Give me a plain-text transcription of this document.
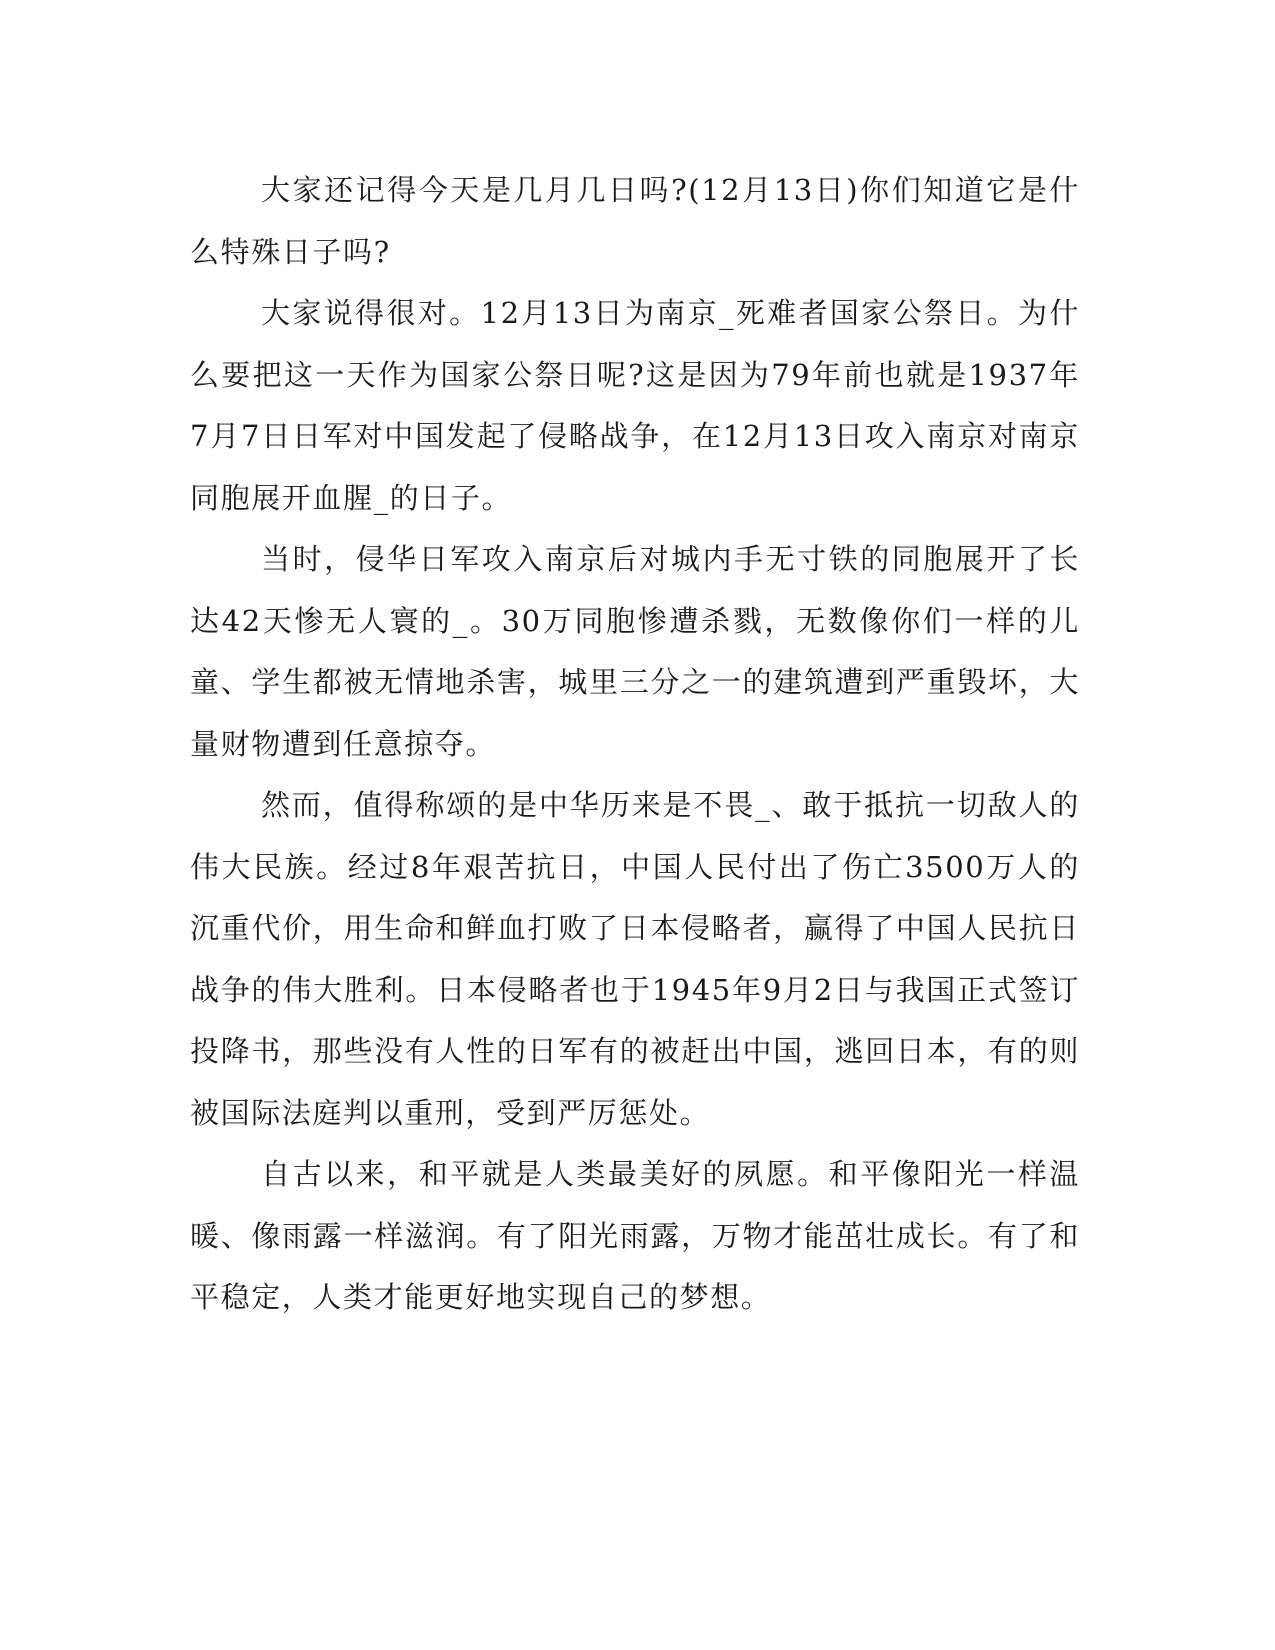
大家还记得今天是几月几日吗?(12月13日)你们知道它是什么特殊日子吗?

大家说得很对。12月13日为南京_死难者国家公祭日。为什么要把这一天作为国家公祭日呢?这是因为79年前也就是1937年7月7日日军对中国发起了侵略战争，在12月13日攻入南京对南京同胞展开血腥_的日子。

当时，侵华日军攻入南京后对城内手无寸铁的同胞展开了长达42天惨无人寰的_。30万同胞惨遭杀戮，无数像你们一样的儿童、学生都被无情地杀害，城里三分之一的建筑遭到严重毁坏，大量财物遭到任意掠夺。

然而，值得称颂的是中华历来是不畏_、敢于抵抗一切敌人的伟大民族。经过8年艰苦抗日，中国人民付出了伤亡3500万人的沉重代价，用生命和鲜血打败了日本侵略者，赢得了中国人民抗日战争的伟大胜利。日本侵略者也于1945年9月2日与我国正式签订投降书，那些没有人性的日军有的被赶出中国，逃回日本，有的则被国际法庭判以重刑，受到严厉惩处。

自古以来，和平就是人类最美好的夙愿。和平像阳光一样温暖、像雨露一样滋润。有了阳光雨露，万物才能茁壮成长。有了和平稳定，人类才能更好地实现自己的梦想。
